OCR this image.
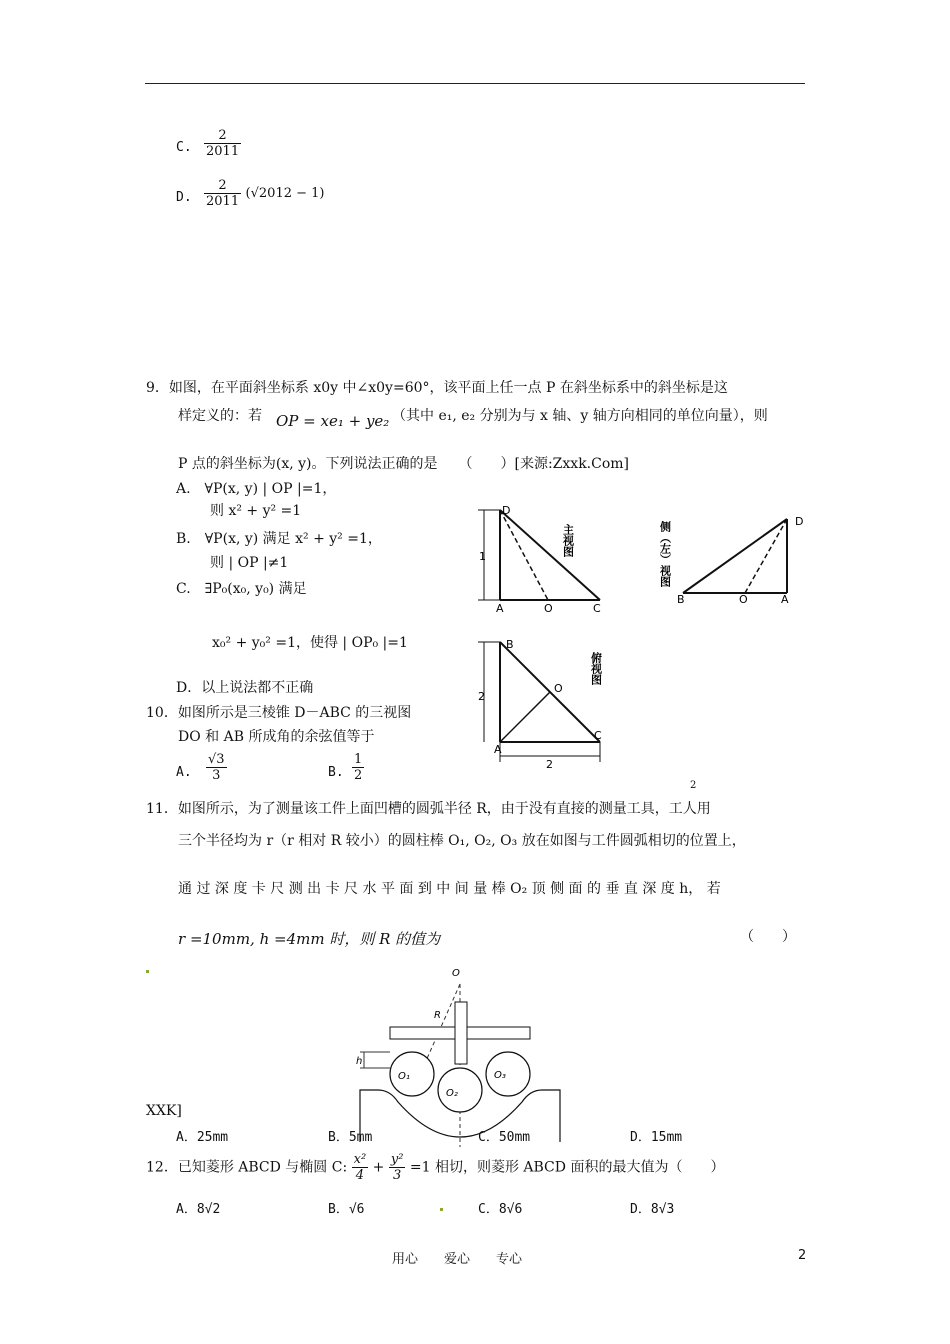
C. $\frac{2}{2011}$
D. $\frac{2}{2011} (√2012 - 1)$
9．如图，在平面斜坐标系 x0y 中∠x0y=60°，该平面上任一点 P 在斜坐标系中的斜坐标是这
样定义的：若 OP = xe₁ + ye₂ （其中 e₁, e₂ 分别为与 x 轴、y 轴方向相同的单位向量），则
P 点的斜坐标为(x, y)。下列说法正确的是　　（　　）[来源:Zxxk.Com]
A.　∀P(x, y) | OP |=1，
则 x² + y² =1
B.　∀P(x, y) 满足 x² + y² =1，
则 | OP |≠1
C.　∃P₀(x₀, y₀) 满足
x₀² + y₀² =1，使得 | OP₀ |=1
D．以上说法都不正确
10．如图所示是三棱锥 D－ABC 的三视图
DO 和 AB 所成角的余弦值等于
A. $\frac{√3}{3}$	B. $\frac{1}{2}$
2
D
A	O	C
1	主视图
D
B	O	A
侧（左）视图
B
O
A
C
2
2
俯视图
11．如图所示，为了测量该工件上面凹槽的圆弧半径 R，由于没有直接的测量工具，工人用
三个半径均为 r（r 相对 R 较小）的圆柱棒 O₁, O₂, O₃ 放在如图与工件圆弧相切的位置上，
通 过 深 度 卡 尺 测 出 卡 尺 水 平 面 到 中 间 量 棒 O₂ 顶 侧 面 的 垂 直 深 度 h， 若
r =10mm, h =4mm 时，则 R 的值为	（　　）
O
R
h
O₁
O₂
O₃
XXK]
A．25mm	B．5mm	C．50mm	D．15mm
12．已知菱形 ABCD 与椭圆 C: $\frac{\text{x²}}{4} + \frac{\text{y²}}{3} =1$ 相切，则菱形 ABCD 面积的最大值为（　　）
A．8√2	B．√6	C．8√6	D．8√3
用心　　爱心　　专心	2
